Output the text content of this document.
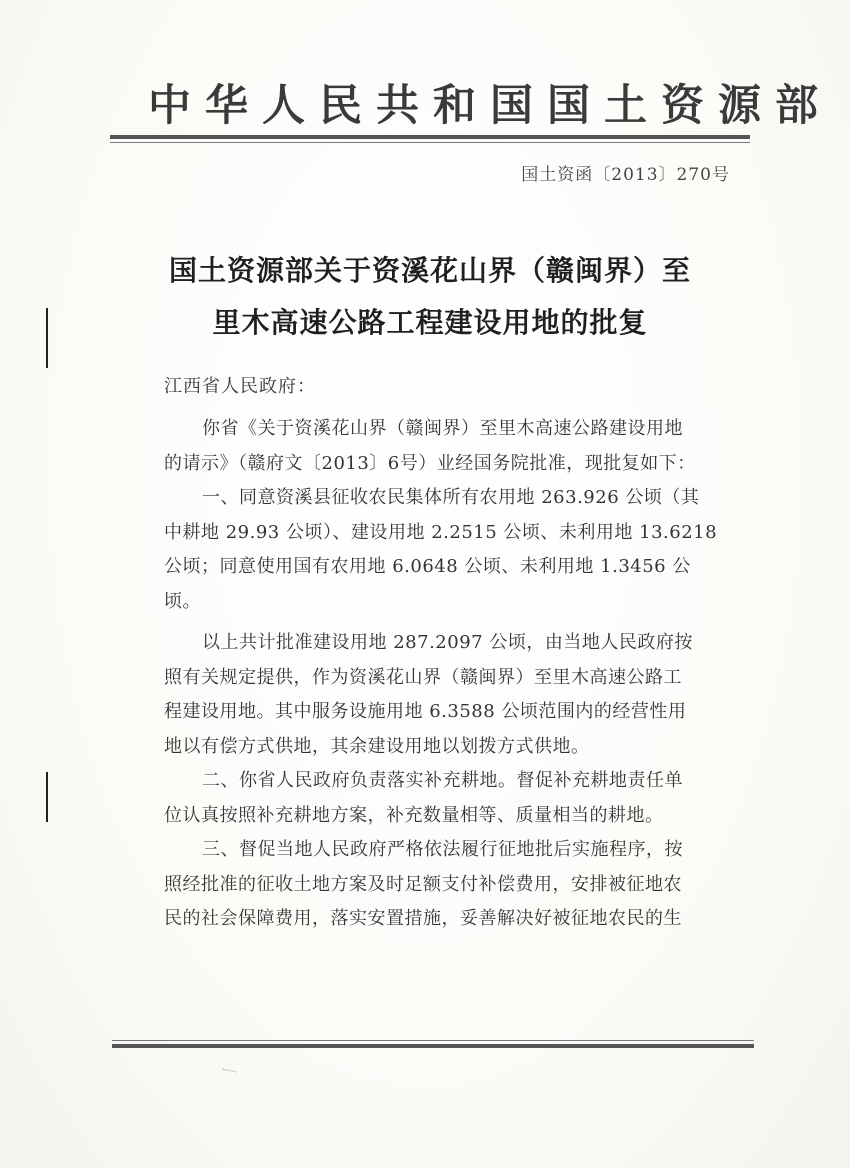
中华人民共和国国土资源部
国土资函〔2013〕270号
国土资源部关于资溪花山界（赣闽界）至
里木高速公路工程建设用地的批复
江西省人民政府：
你省《关于资溪花山界（赣闽界）至里木高速公路建设用地
的请示》（赣府文〔2013〕6号）业经国务院批准，现批复如下：
一、同意资溪县征收农民集体所有农用地 263.926 公顷（其
中耕地 29.93 公顷）、建设用地 2.2515 公顷、未利用地 13.6218
公顷；同意使用国有农用地 6.0648 公顷、未利用地 1.3456 公
顷。
以上共计批准建设用地 287.2097 公顷，由当地人民政府按
照有关规定提供，作为资溪花山界（赣闽界）至里木高速公路工
程建设用地。其中服务设施用地 6.3588 公顷范围内的经营性用
地以有偿方式供地，其余建设用地以划拨方式供地。
二、你省人民政府负责落实补充耕地。督促补充耕地责任单
位认真按照补充耕地方案，补充数量相等、质量相当的耕地。
三、督促当地人民政府严格依法履行征地批后实施程序，按
照经批准的征收土地方案及时足额支付补偿费用，安排被征地农
民的社会保障费用，落实安置措施，妥善解决好被征地农民的生
